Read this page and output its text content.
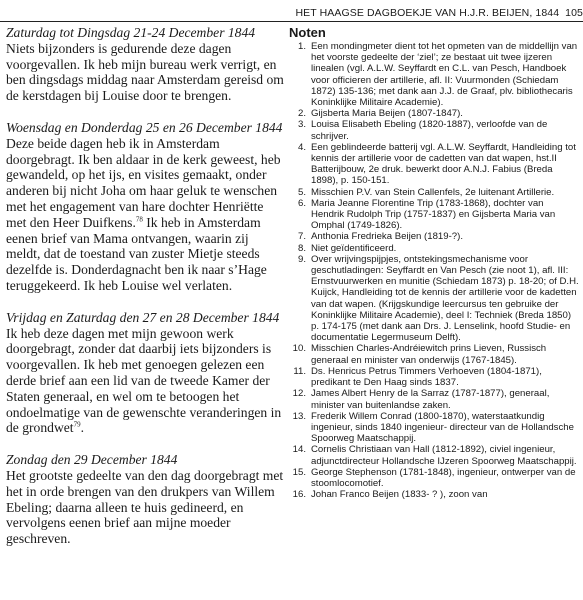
HET HAAGSE DAGBOEKJE VAN H.J.R. BEIJEN, 1844 105
Zaturdag tot Dingsdag 21-24 December 1844
Niets bijzonders is gedurende deze dagen voorgevallen. Ik heb mijn bureau werk verrigt, en ben dingsdags middag naar Amsterdam gereisd om de kerstdagen bij Louise door te brengen.
Woensdag en Donderdag 25 en 26 December 1844
Deze beide dagen heb ik in Amsterdam doorgebragt. Ik ben aldaar in de kerk geweest, heb gewandeld, op het ijs, en visites gemaakt, onder anderen bij nicht Joha om haar geluk te wenschen met het engagement van hare dochter Henriëtte met den Heer Duifkens.$^{78}$ Ik heb in Amsterdam eenen brief van Mama ontvangen, waarin zij meldt, dat de toestand van zuster Mietje steeds dezelfde is. Donderdagnacht ben ik naar s’Hage teruggekeerd. Ik heb Louise wel verlaten.
Vrijdag en Zaturdag den 27 en 28 December 1844
Ik heb deze dagen met mijn gewoon werk doorgebragt, zonder dat daarbij iets bijzonders is voorgevallen. Ik heb met genoegen gelezen een derde brief aan een lid van de tweede Kamer der Staten generaal, en wel om te betoogen het ondoelmatige van de gewenschte veranderingen in de grondwet$^{79}$.
Zondag den 29 December 1844
Het grootste gedeelte van den dag doorgebragt met het in orde brengen van den drukpers van Willem Ebeling; daarna alleen te huis gedineerd, en vervolgens eenen brief aan mijne moeder geschreven.
Noten
1. Een mondingmeter dient tot het opmeten van de middellijn van het voorste gedeelte der ‘ziel’; ze bestaat uit twee ijzeren linealen (vgl. A.L.W. Seyffardt en C.L. van Pesch, Handboek voor officieren der artillerie, afl. II: Vuurmonden (Schiedam 1872) 135-136; met dank aan J.J. de Graaf, plv. bibliothecaris Koninklijke Militaire Academie).
2. Gijsberta Maria Beijen (1807-1847).
3. Louisa Elisabeth Ebeling (1820-1887), verloofde van de schrijver.
4. Een geblindeerde batterij vgl. A.L.W. Seyffardt, Handleiding tot kennis der artillerie voor de cadetten van dat wapen, hst.II Batterijbouw, 2e druk. bewerkt door A.N.J. Fabius (Breda 1898), p. 150-151.
5. Misschien P.V. van Stein Callenfels, 2e luitenant Artillerie.
6. Maria Jeanne Florentine Trip (1783-1868), dochter van Hendrik Rudolph Trip (1757-1837) en Gijsberta Maria van Omphal (1749-1826).
7. Anthonia Fredrieka Beijen (1819-?).
8. Niet geïdentificeerd.
9. Over wrijvingspijpjes, ontstekingsmechanisme voor geschutladingen: Seyffardt en Van Pesch (zie noot 1), afl. III: Ernstvuurwerken en munitie (Schiedam 1873) p. 18-20; of D.H. Kuijck, Handleiding tot de kennis der artillerie voor de kadetten van dat wapen. (Krijgskundige leercursus ten gebruike der Koninklijke Militaire Academie), deel I: Techniek (Breda 1850) p. 174-175 (met dank aan Drs. J. Lenselink, hoofd Studie- en documentatie Legermuseum Delft).
10. Misschien Charles-Andréiewitch prins Lieven, Russisch generaal en minister van onderwijs (1767-1845).
11. Ds. Henricus Petrus Timmers Verhoeven (1804-1871), predikant te Den Haag sinds 1837.
12. James Albert Henry de la Sarraz (1787-1877), generaal, minister van buitenlandse zaken.
13. Frederik Willem Conrad (1800-1870), waterstaatkundig ingenieur, sinds 1840 ingenieur- directeur van de Hollandsche Spoorweg Maatschappij.
14. Cornelis Christiaan van Hall (1812-1892), civiel ingenieur, adjunctdirecteur Hollandsche IJzeren Spoorweg Maatschappij.
15. George Stephenson (1781-1848), ingenieur, ontwerper van de stoomlocomotief.
16. Johan Franco Beijen (1833- ? ), zoon van
